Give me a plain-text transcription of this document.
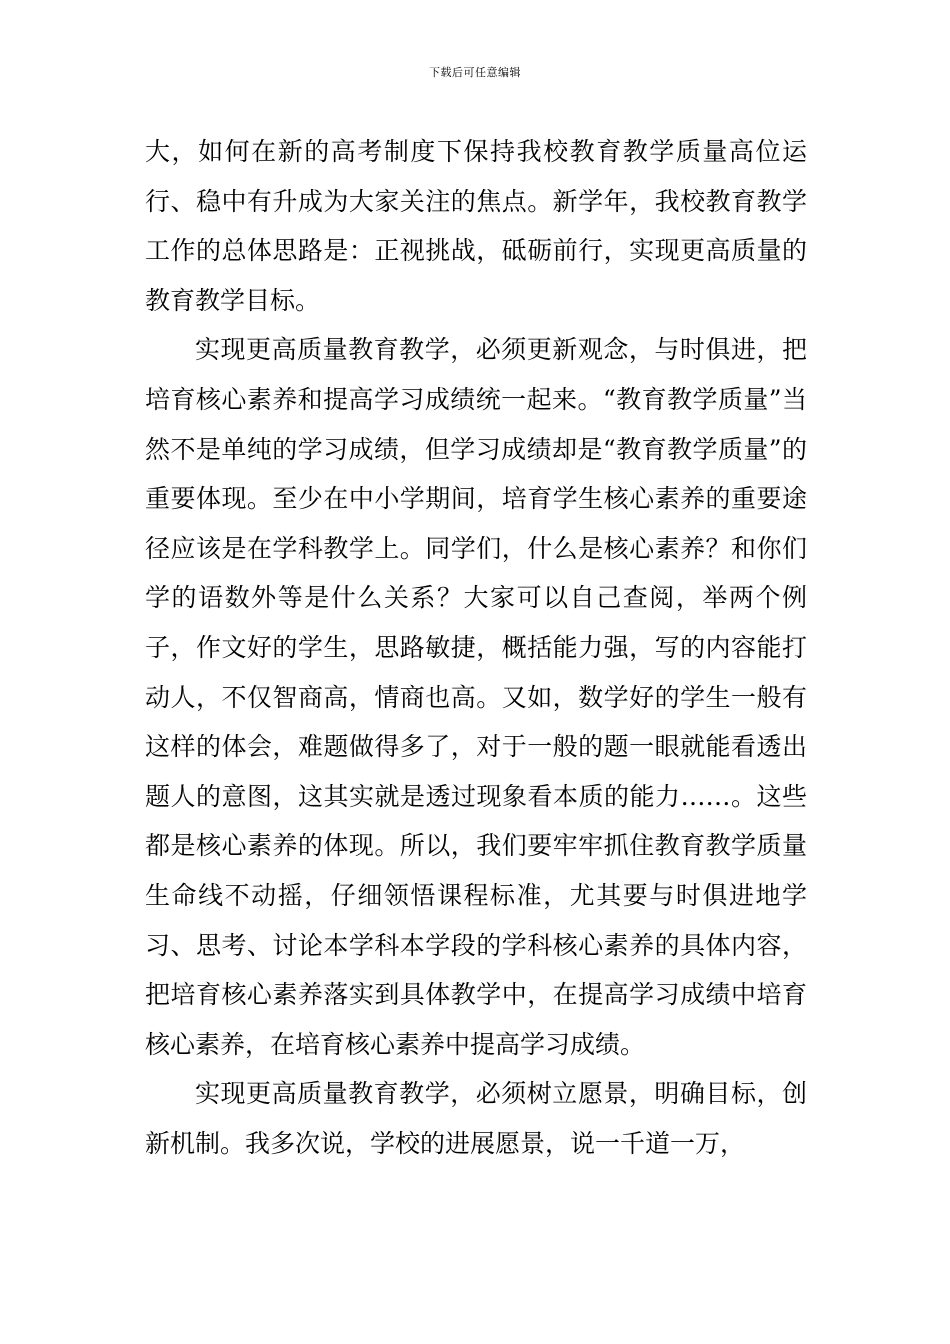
下载后可任意编辑

大，如何在新的高考制度下保持我校教育教学质量高位运行、稳中有升成为大家关注的焦点。新学年，我校教育教学工作的总体思路是：正视挑战，砥砺前行，实现更高质量的教育教学目标。

实现更高质量教育教学，必须更新观念，与时俱进，把培育核心素养和提高学习成绩统一起来。“教育教学质量”当然不是单纯的学习成绩，但学习成绩却是“教育教学质量”的重要体现。至少在中小学期间，培育学生核心素养的重要途径应该是在学科教学上。同学们，什么是核心素养？和你们学的语数外等是什么关系？大家可以自己查阅，举两个例子，作文好的学生，思路敏捷，概括能力强，写的内容能打动人，不仅智商高，情商也高。又如，数学好的学生一般有这样的体会，难题做得多了，对于一般的题一眼就能看透出题人的意图，这其实就是透过现象看本质的能力……。这些都是核心素养的体现。所以，我们要牢牢抓住教育教学质量生命线不动摇，仔细领悟课程标准，尤其要与时俱进地学习、思考、讨论本学科本学段的学科核心素养的具体内容，把培育核心素养落实到具体教学中，在提高学习成绩中培育核心素养，在培育核心素养中提高学习成绩。

实现更高质量教育教学，必须树立愿景，明确目标，创新机制。我多次说，学校的进展愿景，说一千道一万，
